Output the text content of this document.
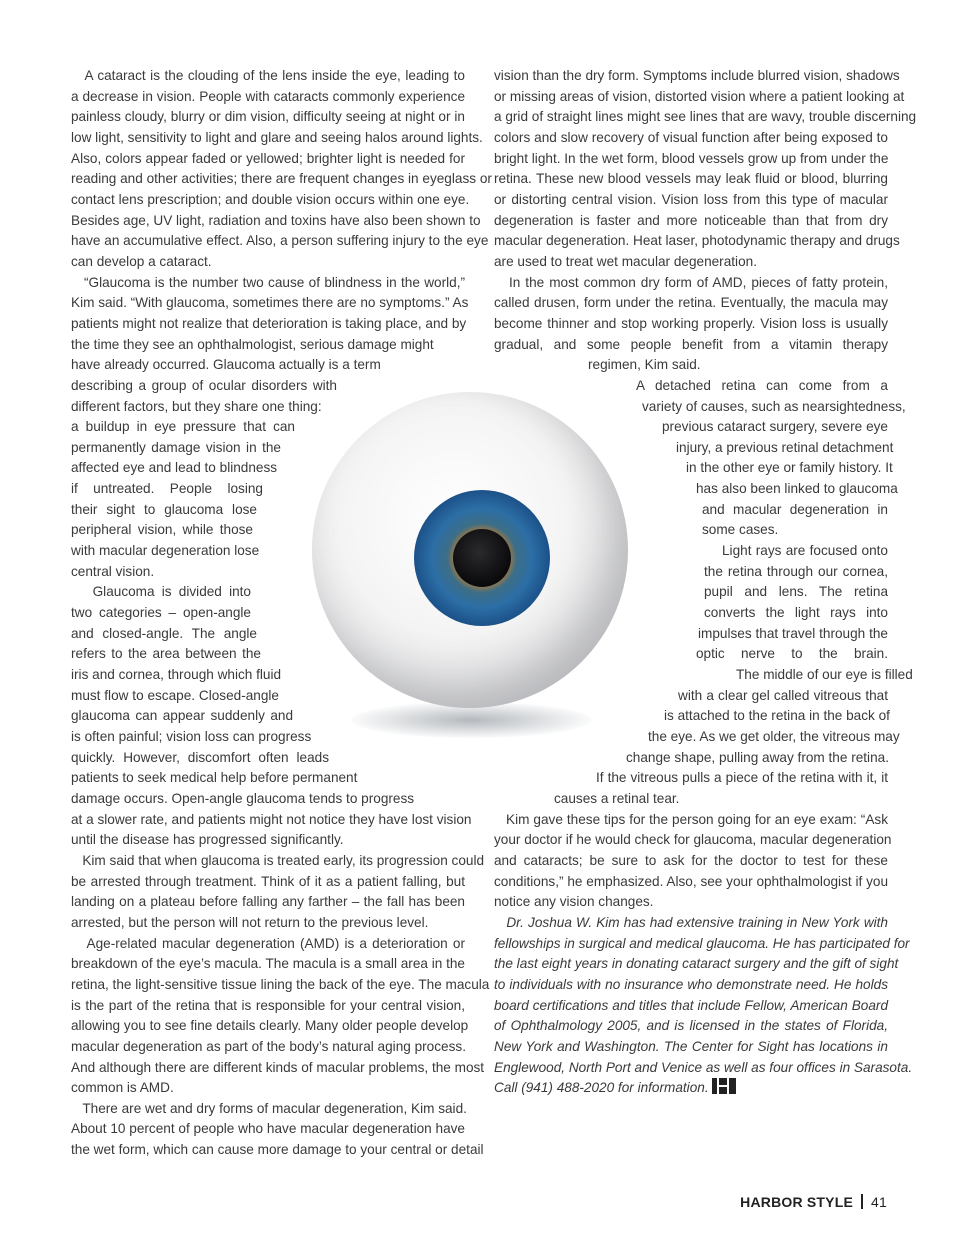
A cataract is the clouding of the lens inside the eye, leading to
a decrease in vision. People with cataracts commonly experience
painless cloudy, blurry or dim vision, difficulty seeing at night or in
low light, sensitivity to light and glare and seeing halos around lights.
Also, colors appear faded or yellowed; brighter light is needed for
reading and other activities; there are frequent changes in eyeglass or
contact lens prescription; and double vision occurs within one eye.
Besides age, UV light, radiation and toxins have also been shown to
have an accumulative effect. Also, a person suffering injury to the eye
can develop a cataract.
“Glaucoma is the number two cause of blindness in the world,”
Kim said. “With glaucoma, sometimes there are no symptoms.” As
patients might not realize that deterioration is taking place, and by
the time they see an ophthalmologist, serious damage might
have already occurred. Glaucoma actually is a term
describing a group of ocular disorders with
different factors, but they share one thing:
a buildup in eye pressure that can
permanently damage vision in the
affected eye and lead to blindness
if untreated. People losing
their sight to glaucoma lose
peripheral vision, while those
with macular degeneration lose
central vision.
Glaucoma is divided into
two categories – open-angle
and closed-angle. The angle
refers to the area between the
iris and cornea, through which fluid
must flow to escape. Closed-angle
glaucoma can appear suddenly and
is often painful; vision loss can progress
quickly. However, discomfort often leads
patients to seek medical help before permanent
damage occurs. Open-angle glaucoma tends to progress
at a slower rate, and patients might not notice they have lost vision
until the disease has progressed significantly.
Kim said that when glaucoma is treated early, its progression could
be arrested through treatment. Think of it as a patient falling, but
landing on a plateau before falling any farther – the fall has been
arrested, but the person will not return to the previous level.
Age-related macular degeneration (AMD) is a deterioration or
breakdown of the eye’s macula. The macula is a small area in the
retina, the light-sensitive tissue lining the back of the eye. The macula
is the part of the retina that is responsible for your central vision,
allowing you to see fine details clearly. Many older people develop
macular degeneration as part of the body’s natural aging process.
And although there are different kinds of macular problems, the most
common is AMD.
There are wet and dry forms of macular degeneration, Kim said.
About 10 percent of people who have macular degeneration have
the wet form, which can cause more damage to your central or detail
vision than the dry form. Symptoms include blurred vision, shadows
or missing areas of vision, distorted vision where a patient looking at
a grid of straight lines might see lines that are wavy, trouble discerning
colors and slow recovery of visual function after being exposed to
bright light. In the wet form, blood vessels grow up from under the
retina. These new blood vessels may leak fluid or blood, blurring
or distorting central vision. Vision loss from this type of macular
degeneration is faster and more noticeable than that from dry
macular degeneration. Heat laser, photodynamic therapy and drugs
are used to treat wet macular degeneration.
In the most common dry form of AMD, pieces of fatty protein,
called drusen, form under the retina. Eventually, the macula may
become thinner and stop working properly. Vision loss is usually
gradual, and some people benefit from a vitamin therapy
regimen, Kim said.
A detached retina can come from a
variety of causes, such as nearsightedness,
previous cataract surgery, severe eye
injury, a previous retinal detachment
in the other eye or family history. It
has also been linked to glaucoma
and macular degeneration in
some cases.
Light rays are focused onto
the retina through our cornea,
pupil and lens. The retina
converts the light rays into
impulses that travel through the
optic nerve to the brain.
The middle of our eye is filled
with a clear gel called vitreous that
is attached to the retina in the back of
the eye. As we get older, the vitreous may
change shape, pulling away from the retina.
If the vitreous pulls a piece of the retina with it, it
causes a retinal tear.
Kim gave these tips for the person going for an eye exam: “Ask
your doctor if he would check for glaucoma, macular degeneration
and cataracts; be sure to ask for the doctor to test for these
conditions,” he emphasized. Also, see your ophthalmologist if you
notice any vision changes.
Dr. Joshua W. Kim has had extensive training in New York with
fellowships in surgical and medical glaucoma. He has participated for
the last eight years in donating cataract surgery and the gift of sight
to individuals with no insurance who demonstrate need. He holds
board certifications and titles that include Fellow, American Board
of Ophthalmology 2005, and is licensed in the states of Florida,
New York and Washington. The Center for Sight has locations in
Englewood, North Port and Venice as well as four offices in Sarasota.
Call (941) 488-2020 for information.
HARBOR STYLE 41
